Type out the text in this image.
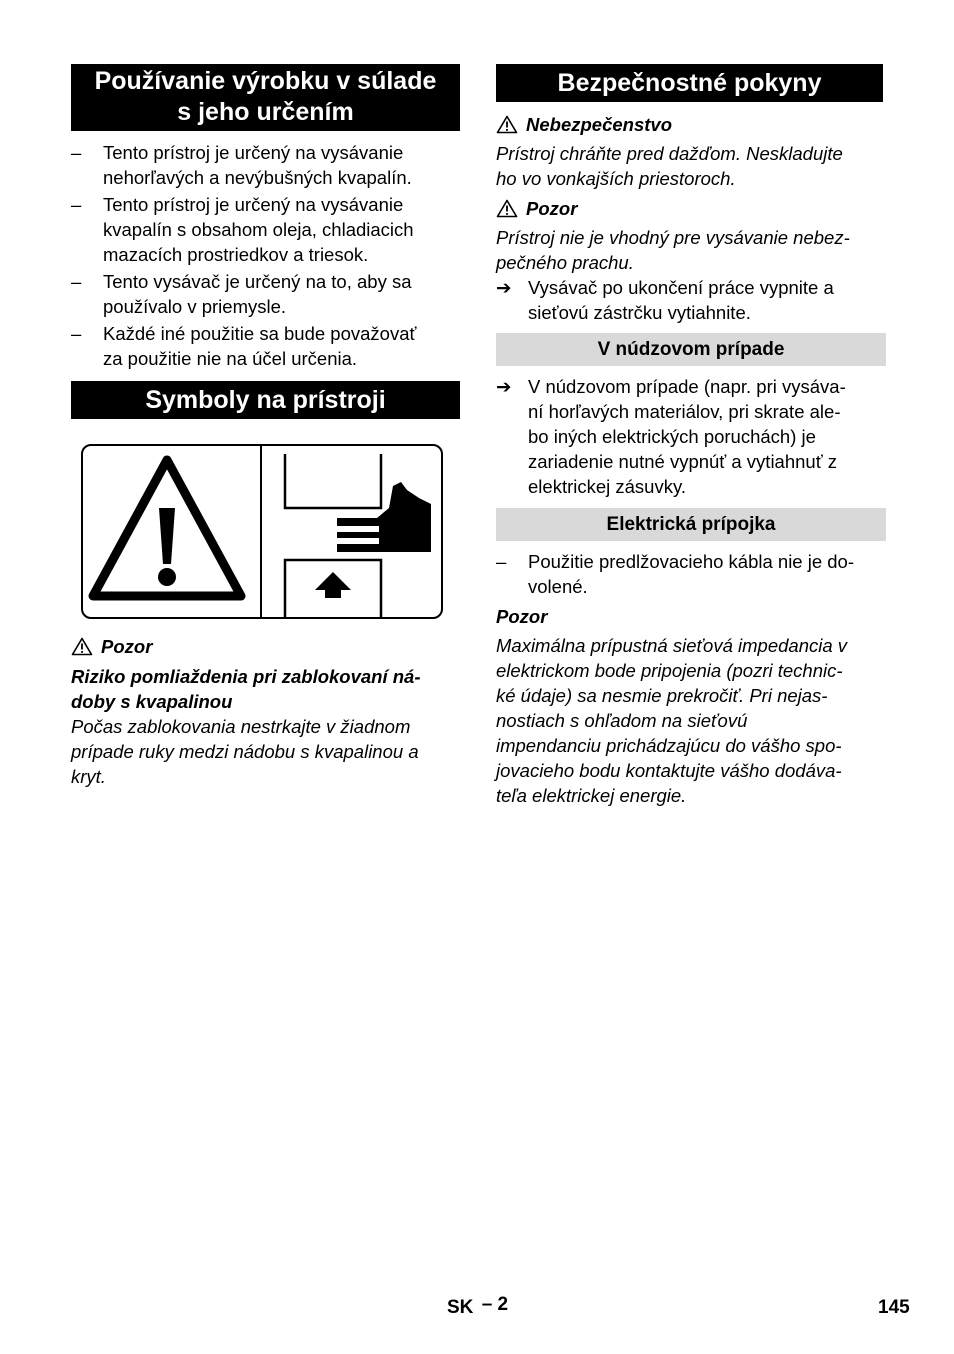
Používanie výrobku v súlade
s jeho určením
–	Tento prístroj je určený na vysávanie
nehorľavých a nevýbušných kvapalín.
–	Tento prístroj je určený na vysávanie
kvapalín s obsahom oleja, chladiacich
mazacích prostriedkov a triesok.
–	Tento vysávač je určený na to, aby sa
používalo v priemysle.
–	Každé iné použitie sa bude považovať
za použitie nie na účel určenia.
Symboly na prístroji
Pozor
Riziko pomliaždenia pri zablokovaní ná-
doby s kvapalinou
Počas zablokovania nestrkajte v žiadnom
prípade ruky medzi nádobu s kvapalinou a
kryt.
Bezpečnostné pokyny
Nebezpečenstvo
Prístroj chráňte pred dažďom. Neskladujte
ho vo vonkajších priestoroch.
Pozor
Prístroj nie je vhodný pre vysávanie nebez-
pečného prachu.
➔ Vysávač po ukončení práce vypnite a
sieťovú zástrčku vytiahnite.
V núdzovom prípade
➔ V núdzovom prípade (napr. pri vysáva-
ní horľavých materiálov, pri skrate ale-
bo iných elektrických poruchách) je
zariadenie nutné vypnúť a vytiahnuť z
elektrickej zásuvky.
Elektrická prípojka
–	Použitie predlžovacieho kábla nie je do-
volené.
Pozor
Maximálna prípustná sieťová impedancia v
elektrickom bode pripojenia (pozri technic-
ké údaje) sa nesmie prekročiť. Pri nejas-
nostiach s ohľadom na sieťovú
impendanciu prichádzajúcu do vášho spo-
jovacieho bodu kontaktujte vášho dodáva-
teľa elektrickej energie.
SK – 2	145
